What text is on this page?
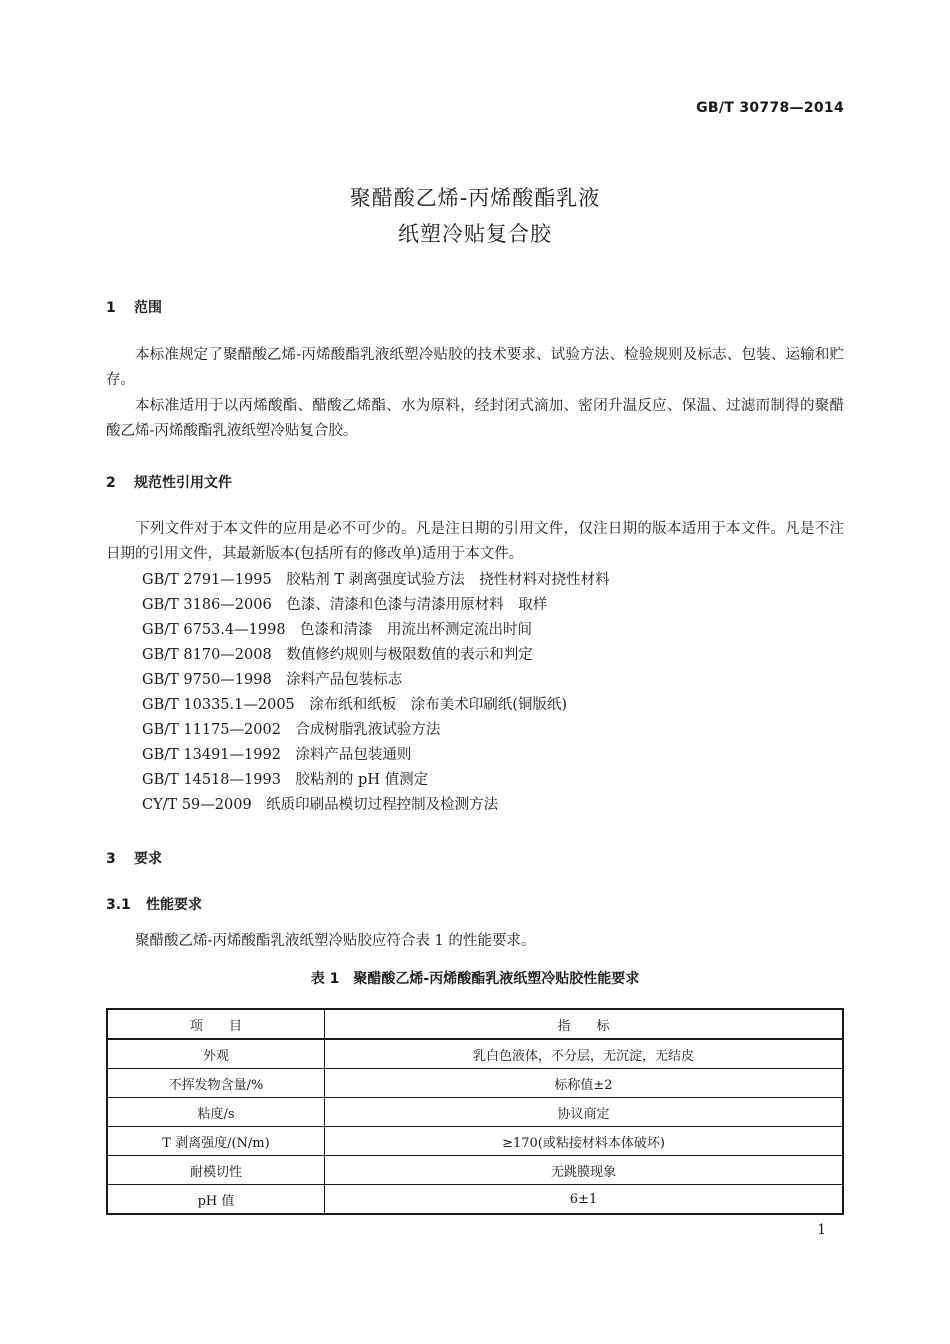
GB/T 30778—2014
聚醋酸乙烯-丙烯酸酯乳液
纸塑冷贴复合胶
1 范围
本标准规定了聚醋酸乙烯-丙烯酸酯乳液纸塑冷贴胶的技术要求、试验方法、检验规则及标志、包装、运输和贮存。
本标准适用于以丙烯酸酯、醋酸乙烯酯、水为原料，经封闭式滴加、密闭升温反应、保温、过滤而制得的聚醋酸乙烯-丙烯酸酯乳液纸塑冷贴复合胶。
2 规范性引用文件
下列文件对于本文件的应用是必不可少的。凡是注日期的引用文件，仅注日期的版本适用于本文件。凡是不注日期的引用文件，其最新版本(包括所有的修改单)适用于本文件。
GB/T 2791—1995　胶粘剂 T 剥离强度试验方法　挠性材料对挠性材料
GB/T 3186—2006　色漆、清漆和色漆与清漆用原材料　取样
GB/T 6753.4—1998　色漆和清漆　用流出杯测定流出时间
GB/T 8170—2008　数值修约规则与极限数值的表示和判定
GB/T 9750—1998　涂料产品包装标志
GB/T 10335.1—2005　涂布纸和纸板　涂布美术印刷纸(铜版纸)
GB/T 11175—2002　合成树脂乳液试验方法
GB/T 13491—1992　涂料产品包装通则
GB/T 14518—1993　胶粘剂的 pH 值测定
CY/T 59—2009　纸质印刷品模切过程控制及检测方法
3 要求
3.1 性能要求
聚醋酸乙烯-丙烯酸酯乳液纸塑冷贴胶应符合表 1 的性能要求。
表 1　聚醋酸乙烯-丙烯酸酯乳液纸塑冷贴胶性能要求
项　　目	指　　标
外观	乳白色液体，不分层，无沉淀，无结皮
不挥发物含量/%	标称值±2
粘度/s	协议商定
T 剥离强度/(N/m)	≥170(或粘接材料本体破坏)
耐模切性	无跳膜现象
pH 值	6±1
1
